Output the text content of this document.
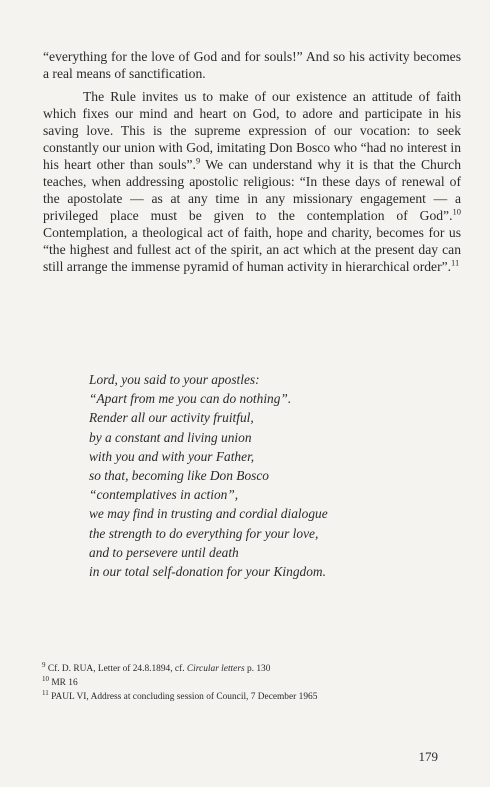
“everything for the love of God and for souls!” And so his activity becomes a real means of sanctification.

The Rule invites us to make of our existence an attitude of faith which fixes our mind and heart on God, to adore and participate in his saving love. This is the supreme expression of our vocation: to seek constantly our union with God, imitating Don Bosco who “had no interest in his heart other than souls”.$^9$ We can understand why it is that the Church teaches, when addressing apostolic religious: “In these days of renewal of the apostolate — as at any time in any missionary engagement — a privileged place must be given to the contemplation of God”.$^{10}$ Contemplation, a theological act of faith, hope and charity, becomes for us “the highest and fullest act of the spirit, an act which at the present day can still arrange the immense pyramid of human activity in hierarchical order”.$^{11}$

Lord, you said to your apostles:
“Apart from me you can do nothing”.
Render all our activity fruitful,
by a constant and living union
with you and with your Father,
so that, becoming like Don Bosco
“contemplatives in action”,
we may find in trusting and cordial dialogue
the strength to do everything for your love,
and to persevere until death
in our total self-donation for your Kingdom.
$^9$ Cf. D. RUA, Letter of 24.8.1894, cf. Circular letters p. 130
$^{10}$ MR 16
$^{11}$ PAUL VI, Address at concluding session of Council, 7 December 1965
179
